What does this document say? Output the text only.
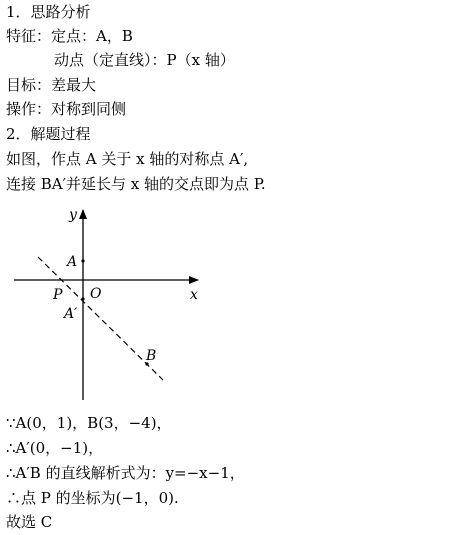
1．思路分析
特征：定点：A，B
动点（定直线）：P（x 轴）
目标：差最大
操作：对称到同侧
2．解题过程
如图，作点 A 关于 x 轴的对称点 A′,
连接 BA′并延长与 x 轴的交点即为点 P.
y
x
O
A
A′
B
P
∵A(0，1)，B(3，−4)，
∴A′(0，−1)，
∴A′B 的直线解析式为：y=−x−1，
∴点 P 的坐标为(−1，0).
故选 C
